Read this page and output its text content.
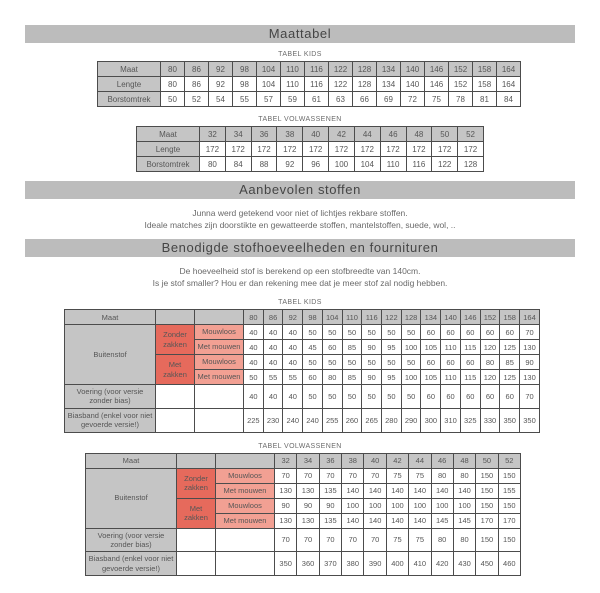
Maattabel
TABEL KIDS
Maat	80	86	92	98	104	110	116	122	128	134	140	146	152	158	164
Lengte	80	86	92	98	104	110	116	122	128	134	140	146	152	158	164
Borstomtrek	50	52	54	55	57	59	61	63	66	69	72	75	78	81	84
TABEL VOLWASSENEN
Maat	32	34	36	38	40	42	44	46	48	50	52
Lengte	172	172	172	172	172	172	172	172	172	172	172
Borstomtrek	80	84	88	92	96	100	104	110	116	122	128
Aanbevolen stoffen
Junna werd getekend voor niet of lichtjes rekbare stoffen.
Ideale matches zijn doorstikte en gewatteerde stoffen, mantelstoffen, suede, wol, ..
Benodigde stofhoeveelheden en fournituren
De hoeveelheid stof is berekend op een stofbreedte van 140cm.
Is je stof smaller? Hou er dan rekening mee dat je meer stof zal nodig hebben.
TABEL KIDS
Maat			80	86	92	98	104	110	116	122	128	134	140	146	152	158	164
Buitenstof	Zonder zakken	Mouwloos	40	40	40	50	50	50	50	50	50	60	60	60	60	60	70
		Met mouwen	40	40	40	45	60	85	90	95	100	105	110	115	120	125	130
	Met zakken	Mouwloos	40	40	40	50	50	50	50	50	50	60	60	60	80	85	90
		Met mouwen	50	55	55	60	80	85	90	95	100	105	110	115	120	125	130
Voering (voor versie zonder bias)			40	40	40	50	50	50	50	50	50	60	60	60	60	60	70
Biasband (enkel voor niet gevoerde versie!)			225	230	240	240	255	260	265	280	290	300	310	325	330	350	350
TABEL VOLWASSENEN
Maat			32	34	36	38	40	42	44	46	48	50	52
Buitenstof	Zonder zakken	Mouwloos	70	70	70	70	70	75	75	80	80	150	150
		Met mouwen	130	130	135	140	140	140	140	140	140	150	155
	Met zakken	Mouwloos	90	90	90	100	100	100	100	100	100	150	150
		Met mouwen	130	130	135	140	140	140	140	145	145	170	170
Voering (voor versie zonder bias)			70	70	70	70	70	75	75	80	80	150	150
Biasband (enkel voor niet gevoerde versie!)			350	360	370	380	390	400	410	420	430	450	460
